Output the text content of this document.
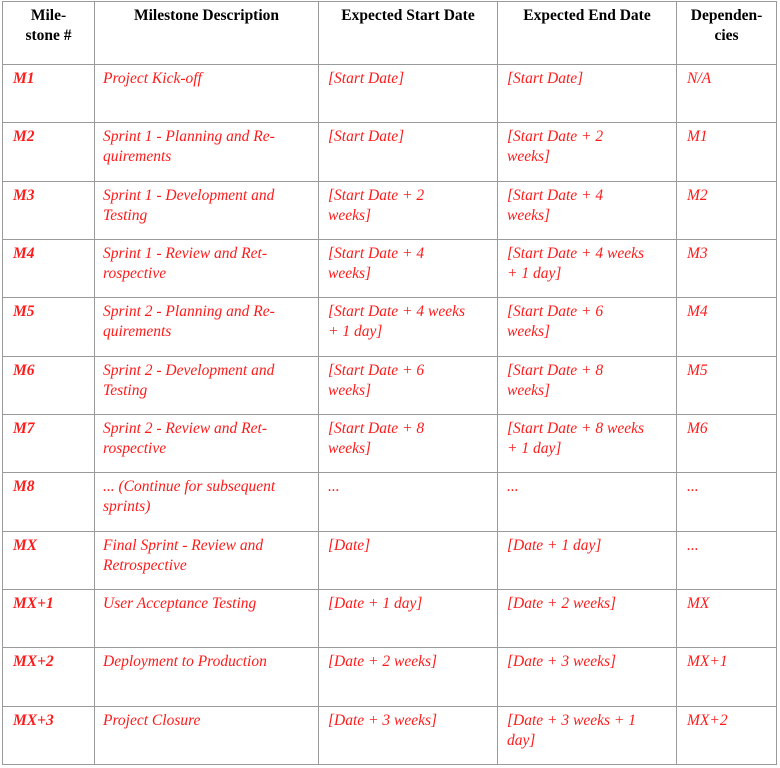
Mile-
stone #	Milestone Description	Expected Start Date	Expected End Date	Dependen-
cies

M1	Project Kick-off	[Start Date]	[Start Date]	N/A
M2	Sprint 1 - Planning and Re-
quirements	[Start Date]	[Start Date + 2
weeks]	M1
M3	Sprint 1 - Development and
Testing	[Start Date + 2
weeks]	[Start Date + 4
weeks]	M2
M4	Sprint 1 - Review and Ret-
rospective	[Start Date + 4
weeks]	[Start Date + 4 weeks
+ 1 day]	M3
M5	Sprint 2 - Planning and Re-
quirements	[Start Date + 4 weeks
+ 1 day]	[Start Date + 6
weeks]	M4
M6	Sprint 2 - Development and
Testing	[Start Date + 6
weeks]	[Start Date + 8
weeks]	M5
M7	Sprint 2 - Review and Ret-
rospective	[Start Date + 8
weeks]	[Start Date + 8 weeks
+ 1 day]	M6
M8	... (Continue for subsequent
sprints)	...	...	...
MX	Final Sprint - Review and
Retrospective	[Date]	[Date + 1 day]	...
MX+1	User Acceptance Testing	[Date + 1 day]	[Date + 2 weeks]	MX
MX+2	Deployment to Production	[Date + 2 weeks]	[Date + 3 weeks]	MX+1
MX+3	Project Closure	[Date + 3 weeks]	[Date + 3 weeks + 1
day]	MX+2
